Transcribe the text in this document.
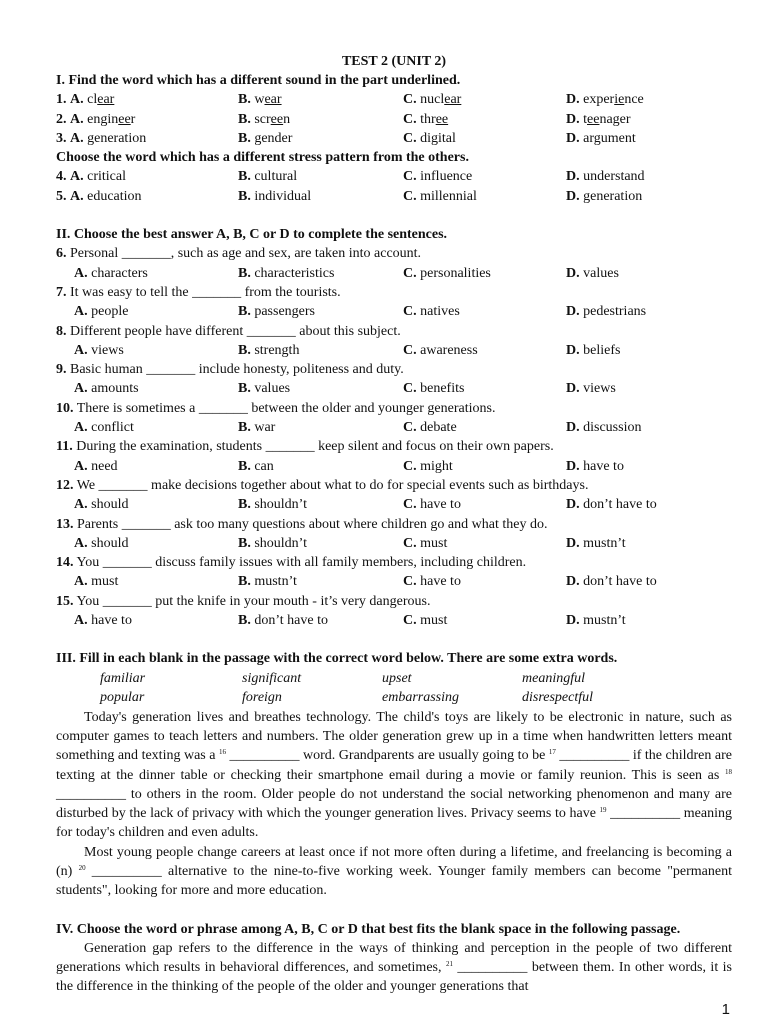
TEST 2 (UNIT 2)
I. Find the word which has a different sound in the part underlined.
1. A. clear	B. wear	C. nuclear	D. experience
2. A. engineer	B. screen	C. three	D. teenager
3. A. generation	B. gender	C. digital	D. argument
Choose the word which has a different stress pattern from the others.
4. A. critical	B. cultural	C. influence	D. understand
5. A. education	B. individual	C. millennial	D. generation
II. Choose the best answer A, B, C or D to complete the sentences.
6. Personal _______, such as age and sex, are taken into account.
A. characters	B. characteristics	C. personalities	D. values
7. It was easy to tell the _______ from the tourists.
A. people	B. passengers	C. natives	D. pedestrians
8. Different people have different _______ about this subject.
A. views	B. strength	C. awareness	D. beliefs
9. Basic human _______ include honesty, politeness and duty.
A. amounts	B. values	C. benefits	D. views
10. There is sometimes a _______ between the older and younger generations.
A. conflict	B. war	C. debate	D. discussion
11. During the examination, students _______ keep silent and focus on their own papers.
A. need	B. can	C. might	D. have to
12. We _______ make decisions together about what to do for special events such as birthdays.
A. should	B. shouldn’t	C. have to	D. don’t have to
13. Parents _______ ask too many questions about where children go and what they do.
A. should	B. shouldn’t	C. must	D. mustn’t
14. You _______ discuss family issues with all family members, including children.
A. must	B. mustn’t	C. have to	D. don’t have to
15. You _______ put the knife in your mouth - it’s very dangerous.
A. have to	B. don’t have to	C. must	D. mustn’t
III. Fill in each blank in the passage with the correct word below. There are some extra words.
familiar	significant	upset	meaningful
popular	foreign	embarrassing	disrespectful

Today's generation lives and breathes technology. The child's toys are likely to be electronic in nature, such as computer games to teach letters and numbers. The older generation grew up in a time when handwritten letters meant something and texting was a $^{16}$ __________ word. Grandparents are usually going to be $^{17}$ __________ if the children are texting at the dinner table or checking their smartphone email during a movie or family reunion. This is seen as $^{18}$ __________ to others in the room. Older people do not understand the social networking phenomenon and many are disturbed by the lack of privacy with which the younger generation lives. Privacy seems to have $^{19}$ __________ meaning for today's children and even adults.

Most young people change careers at least once if not more often during a lifetime, and freelancing is becoming a (n) $^{20}$ __________ alternative to the nine-to-five working week. Younger family members can become "permanent students", looking for more and more education.

IV. Choose the word or phrase among A, B, C or D that best fits the blank space in the following passage.

Generation gap refers to the difference in the ways of thinking and perception in the people of two different generations which results in behavioral differences, and sometimes, $^{21}$ __________ between them. In other words, it is the difference in the thinking of the people of the older and younger generations that

1
